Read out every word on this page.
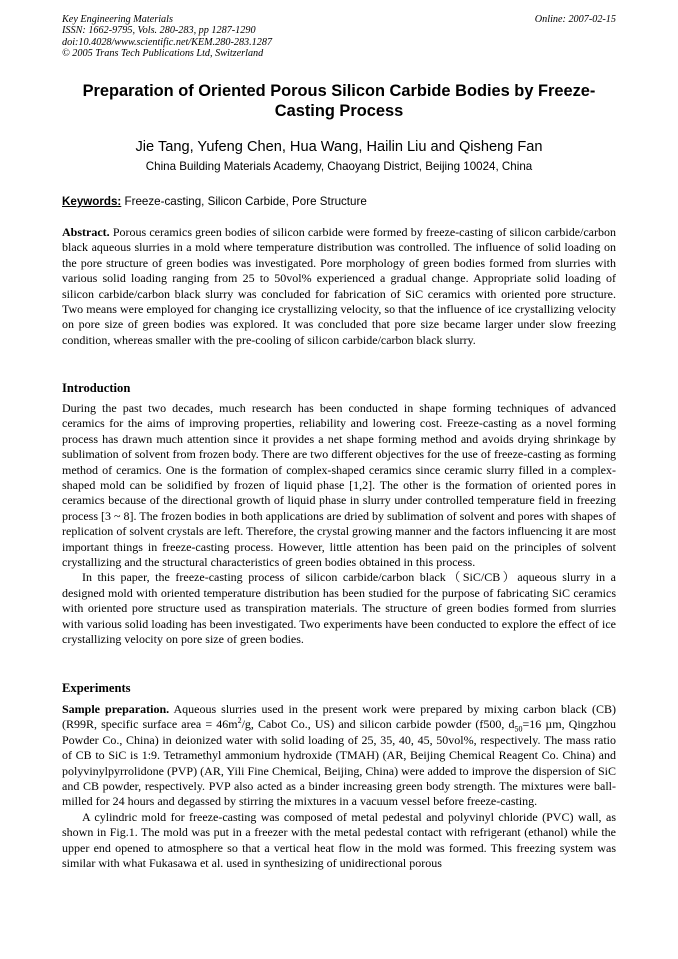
Key Engineering Materials
ISSN: 1662-9795, Vols. 280-283, pp 1287-1290
doi:10.4028/www.scientific.net/KEM.280-283.1287
© 2005 Trans Tech Publications Ltd, Switzerland
Online: 2007-02-15
Preparation of Oriented Porous Silicon Carbide Bodies by Freeze-Casting Process
Jie Tang, Yufeng Chen, Hua Wang, Hailin Liu and Qisheng Fan
China Building Materials Academy, Chaoyang District, Beijing 10024, China
Keywords: Freeze-casting, Silicon Carbide, Pore Structure

Abstract. Porous ceramics green bodies of silicon carbide were formed by freeze-casting of silicon carbide/carbon black aqueous slurries in a mold where temperature distribution was controlled. The influence of solid loading on the pore structure of green bodies was investigated. Pore morphology of green bodies formed from slurries with various solid loading ranging from 25 to 50vol% experienced a gradual change. Appropriate solid loading of silicon carbide/carbon black slurry was concluded for fabrication of SiC ceramics with oriented pore structure. Two means were employed for changing ice crystallizing velocity, so that the influence of ice crystallizing velocity on pore size of green bodies was explored. It was concluded that pore size became larger under slow freezing condition, whereas smaller with the pre-cooling of silicon carbide/carbon black slurry.

Introduction

During the past two decades, much research has been conducted in shape forming techniques of advanced ceramics for the aims of improving properties, reliability and lowering cost. Freeze-casting as a novel forming process has drawn much attention since it provides a net shape forming method and avoids drying shrinkage by sublimation of solvent from frozen body. There are two different objectives for the use of freeze-casting as forming method of ceramics. One is the formation of complex-shaped ceramics since ceramic slurry filled in a complex-shaped mold can be solidified by frozen of liquid phase [1,2]. The other is the formation of oriented pores in ceramics because of the directional growth of liquid phase in slurry under controlled temperature field in freezing process [3 ~ 8]. The frozen bodies in both applications are dried by sublimation of solvent and pores with shapes of replication of solvent crystals are left. Therefore, the crystal growing manner and the factors influencing it are most important things in freeze-casting process. However, little attention has been paid on the principles of solvent crystallizing and the structural characteristics of green bodies obtained in this process.

In this paper, the freeze-casting process of silicon carbide/carbon black（SiC/CB）aqueous slurry in a designed mold with oriented temperature distribution has been studied for the purpose of fabricating SiC ceramics with oriented pore structure used as transpiration materials. The structure of green bodies formed from slurries with various solid loading has been investigated. Two experiments have been conducted to explore the effect of ice crystallizing velocity on pore size of green bodies.

Experiments

Sample preparation. Aqueous slurries used in the present work were prepared by mixing carbon black (CB) (R99R, specific surface area = $46m^2/g$, Cabot Co., US) and silicon carbide powder (f500, $d_{50}=16$ µm, Qingzhou Powder Co., China) in deionized water with solid loading of 25, 35, 40, 45, 50vol%, respectively. The mass ratio of CB to SiC is 1:9. Tetramethyl ammonium hydroxide (TMAH) (AR, Beijing Chemical Reagent Co. China) and polyvinylpyrrolidone (PVP) (AR, Yili Fine Chemical, Beijing, China) were added to improve the dispersion of SiC and CB powder, respectively. PVP also acted as a binder increasing green body strength. The mixtures were ball-milled for 24 hours and degassed by stirring the mixtures in a vacuum vessel before freeze-casting.

A cylindric mold for freeze-casting was composed of metal pedestal and polyvinyl chloride (PVC) wall, as shown in Fig.1. The mold was put in a freezer with the metal pedestal contact with refrigerant (ethanol) while the upper end opened to atmosphere so that a vertical heat flow in the mold was formed. This freezing system was similar with what Fukasawa et al. used in synthesizing of unidirectional porous
